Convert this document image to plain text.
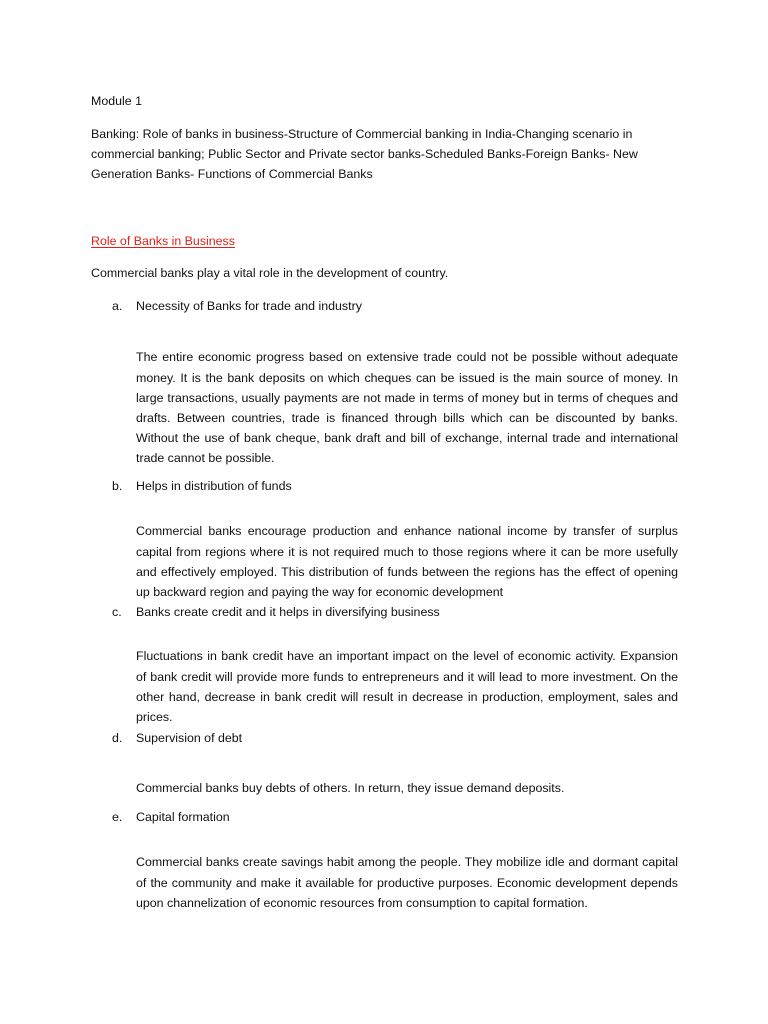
Module 1

Banking: Role of banks in business-Structure of Commercial banking in India-Changing scenario in commercial banking; Public Sector and Private sector banks-Scheduled Banks-Foreign Banks- New Generation Banks- Functions of Commercial Banks

Role of Banks in Business

Commercial banks play a vital role in the development of country.

a.	Necessity of Banks for trade and industry

The entire economic progress based on extensive trade could not be possible without adequate money. It is the bank deposits on which cheques can be issued is the main source of money. In large transactions, usually payments are not made in terms of money but in terms of cheques and drafts. Between countries, trade is financed through bills which can be discounted by banks. Without the use of bank cheque, bank draft and bill of exchange, internal trade and international trade cannot be possible.

b.	Helps in distribution of funds

Commercial banks encourage production and enhance national income by transfer of surplus capital from regions where it is not required much to those regions where it can be more usefully and effectively employed. This distribution of funds between the regions has the effect of opening up backward region and paying the way for economic development

c.	Banks create credit and it helps in diversifying business

Fluctuations in bank credit have an important impact on the level of economic activity. Expansion of bank credit will provide more funds to entrepreneurs and it will lead to more investment. On the other hand, decrease in bank credit will result in decrease in production, employment, sales and prices.

d.	Supervision of debt

Commercial banks buy debts of others. In return, they issue demand deposits.

e.	Capital formation

Commercial banks create savings habit among the people. They mobilize idle and dormant capital of the community and make it available for productive purposes. Economic development depends upon channelization of economic resources from consumption to capital formation.
